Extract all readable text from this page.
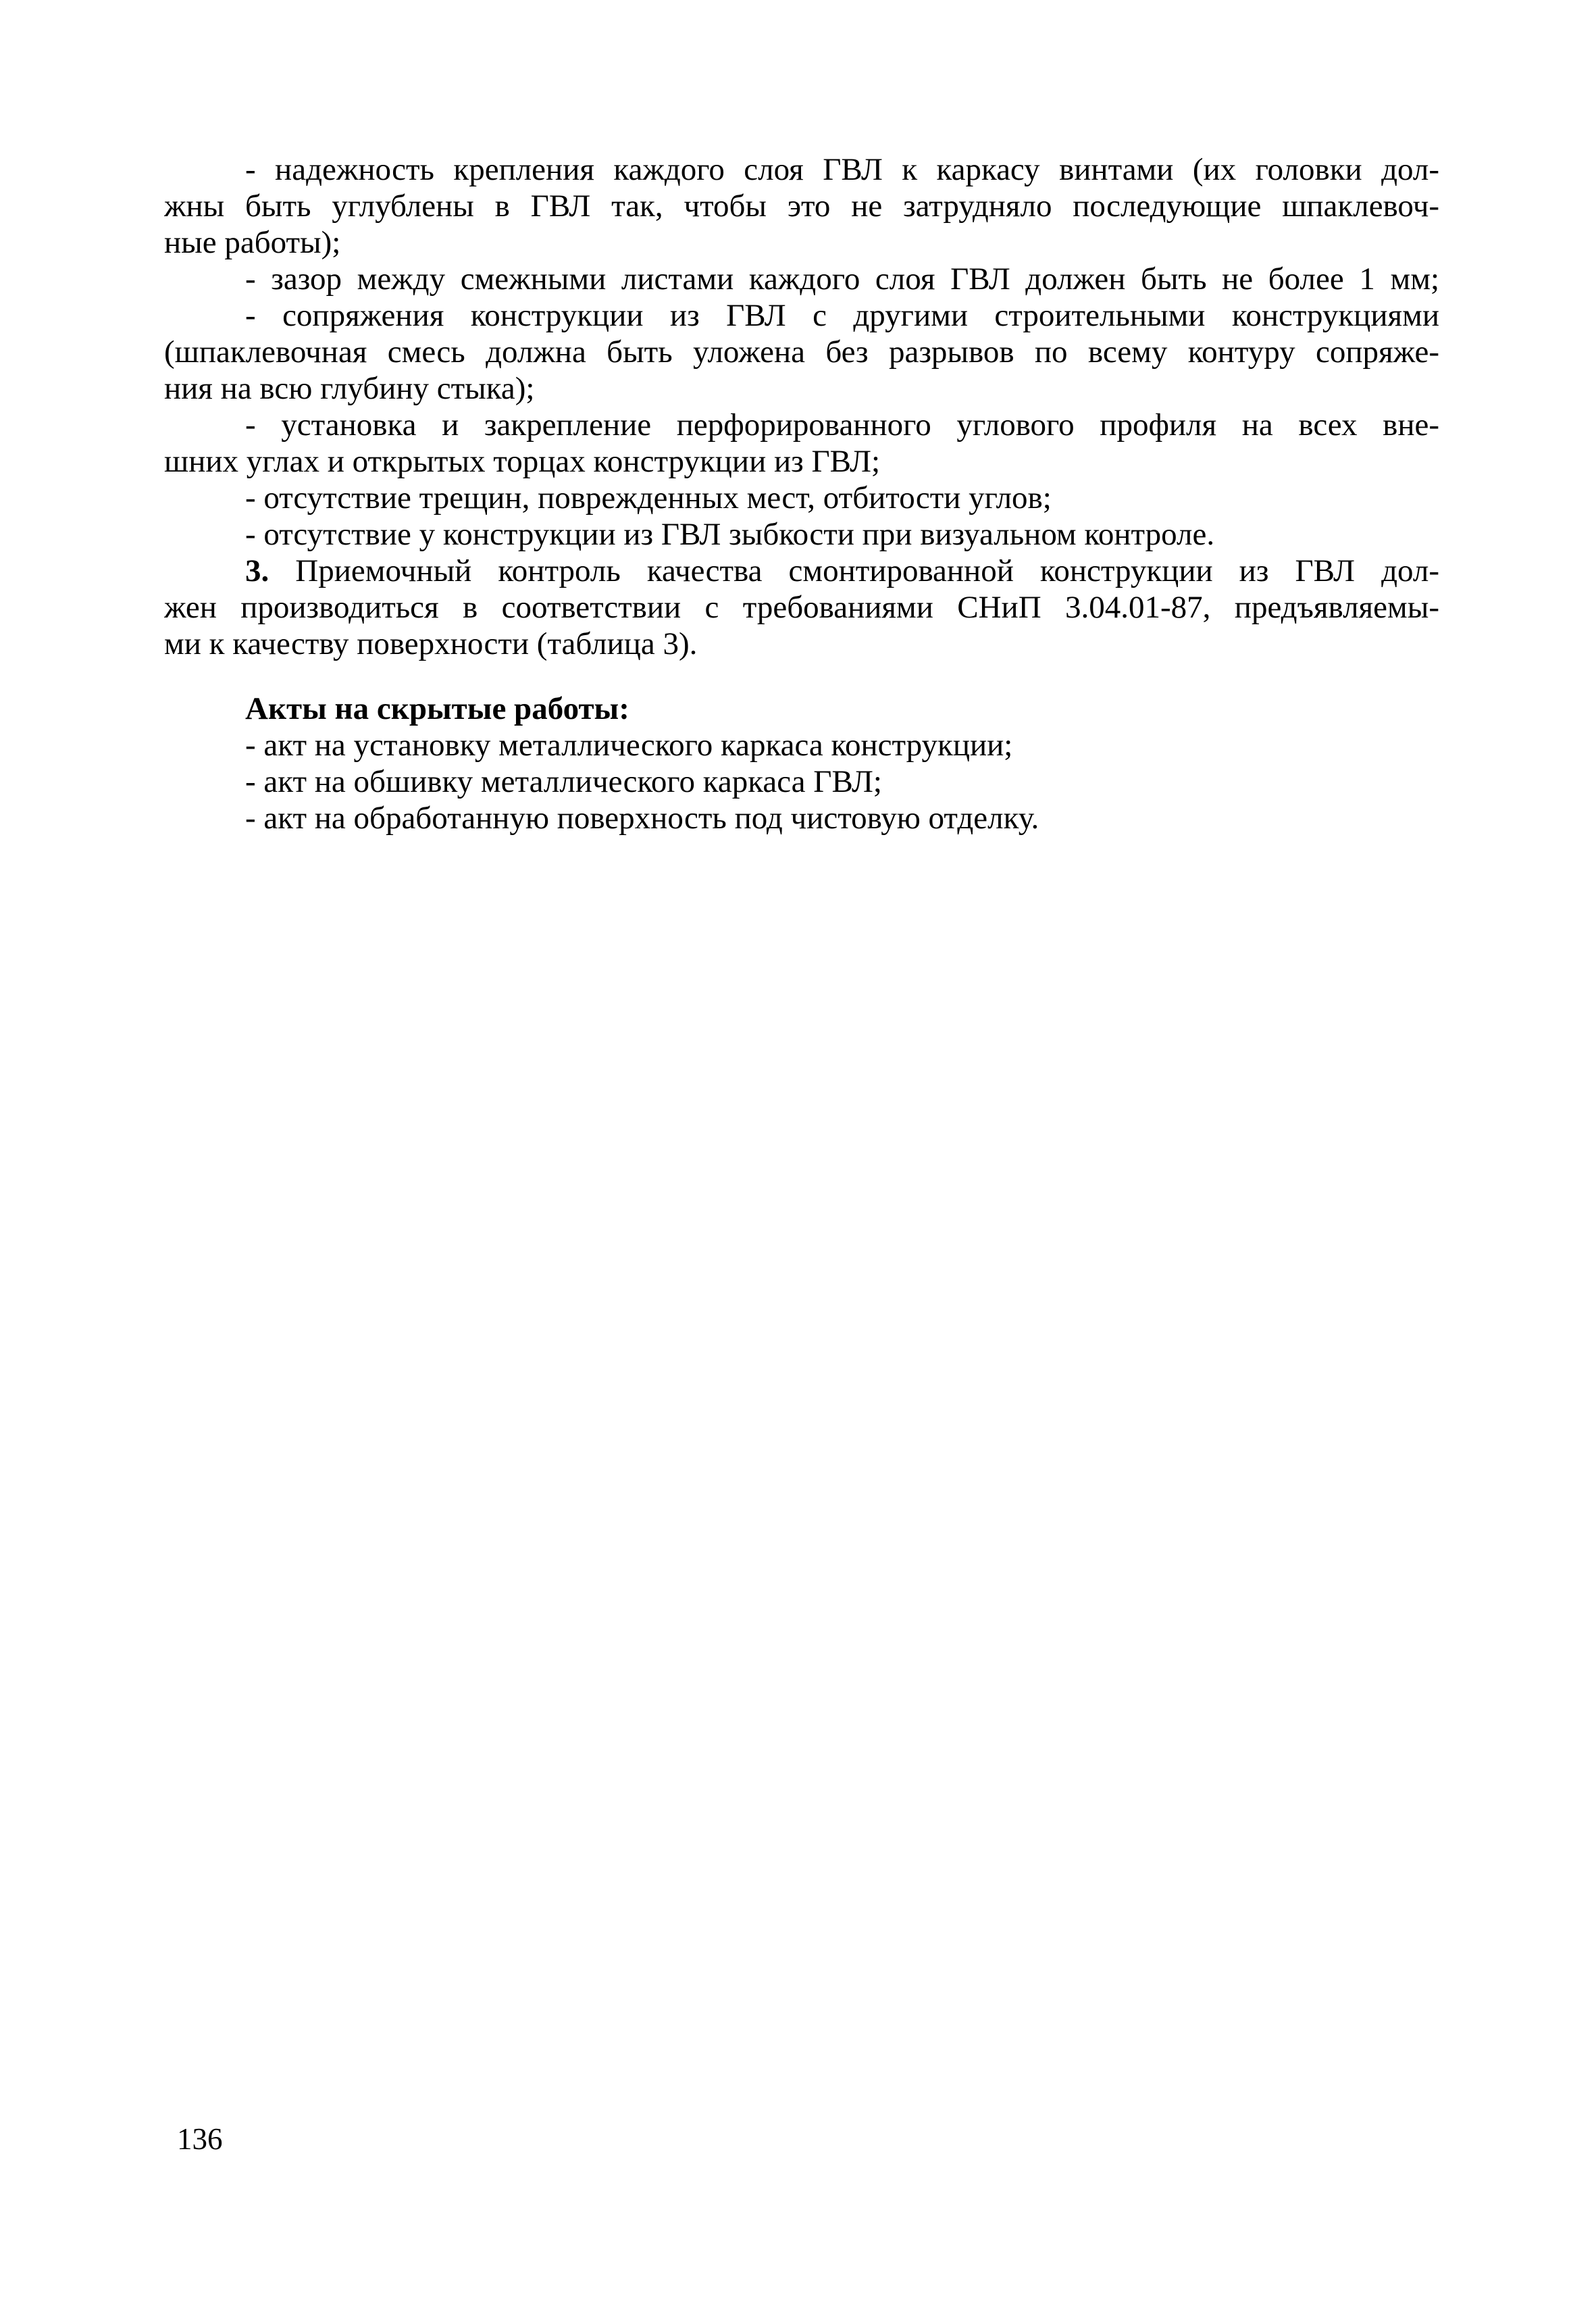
- надежность крепления каждого слоя ГВЛ к каркасу винтами (их головки дол-
жны быть углублены в ГВЛ так, чтобы это не затрудняло последующие шпаклевоч-
ные работы);
- зазор между смежными листами каждого слоя ГВЛ должен быть не более 1 мм;
- сопряжения конструкции из ГВЛ с другими строительными конструкциями
(шпаклевочная смесь должна быть уложена без разрывов по всему контуру сопряже-
ния на всю глубину стыка);
- установка и закрепление перфорированного углового профиля на всех вне-
шних углах и открытых торцах конструкции из ГВЛ;
- отсутствие трещин, поврежденных мест, отбитости углов;
- отсутствие у конструкции из ГВЛ зыбкости при визуальном контроле.
3. Приемочный контроль качества смонтированной конструкции из ГВЛ дол-
жен производиться в соответствии с требованиями СНиП 3.04.01-87, предъявляемы-
ми к качеству поверхности (таблица 3).
Акты на скрытые работы:
- акт на установку металлического каркаса конструкции;
- акт на обшивку металлического каркаса ГВЛ;
- акт на обработанную поверхность под чистовую отделку.
136
